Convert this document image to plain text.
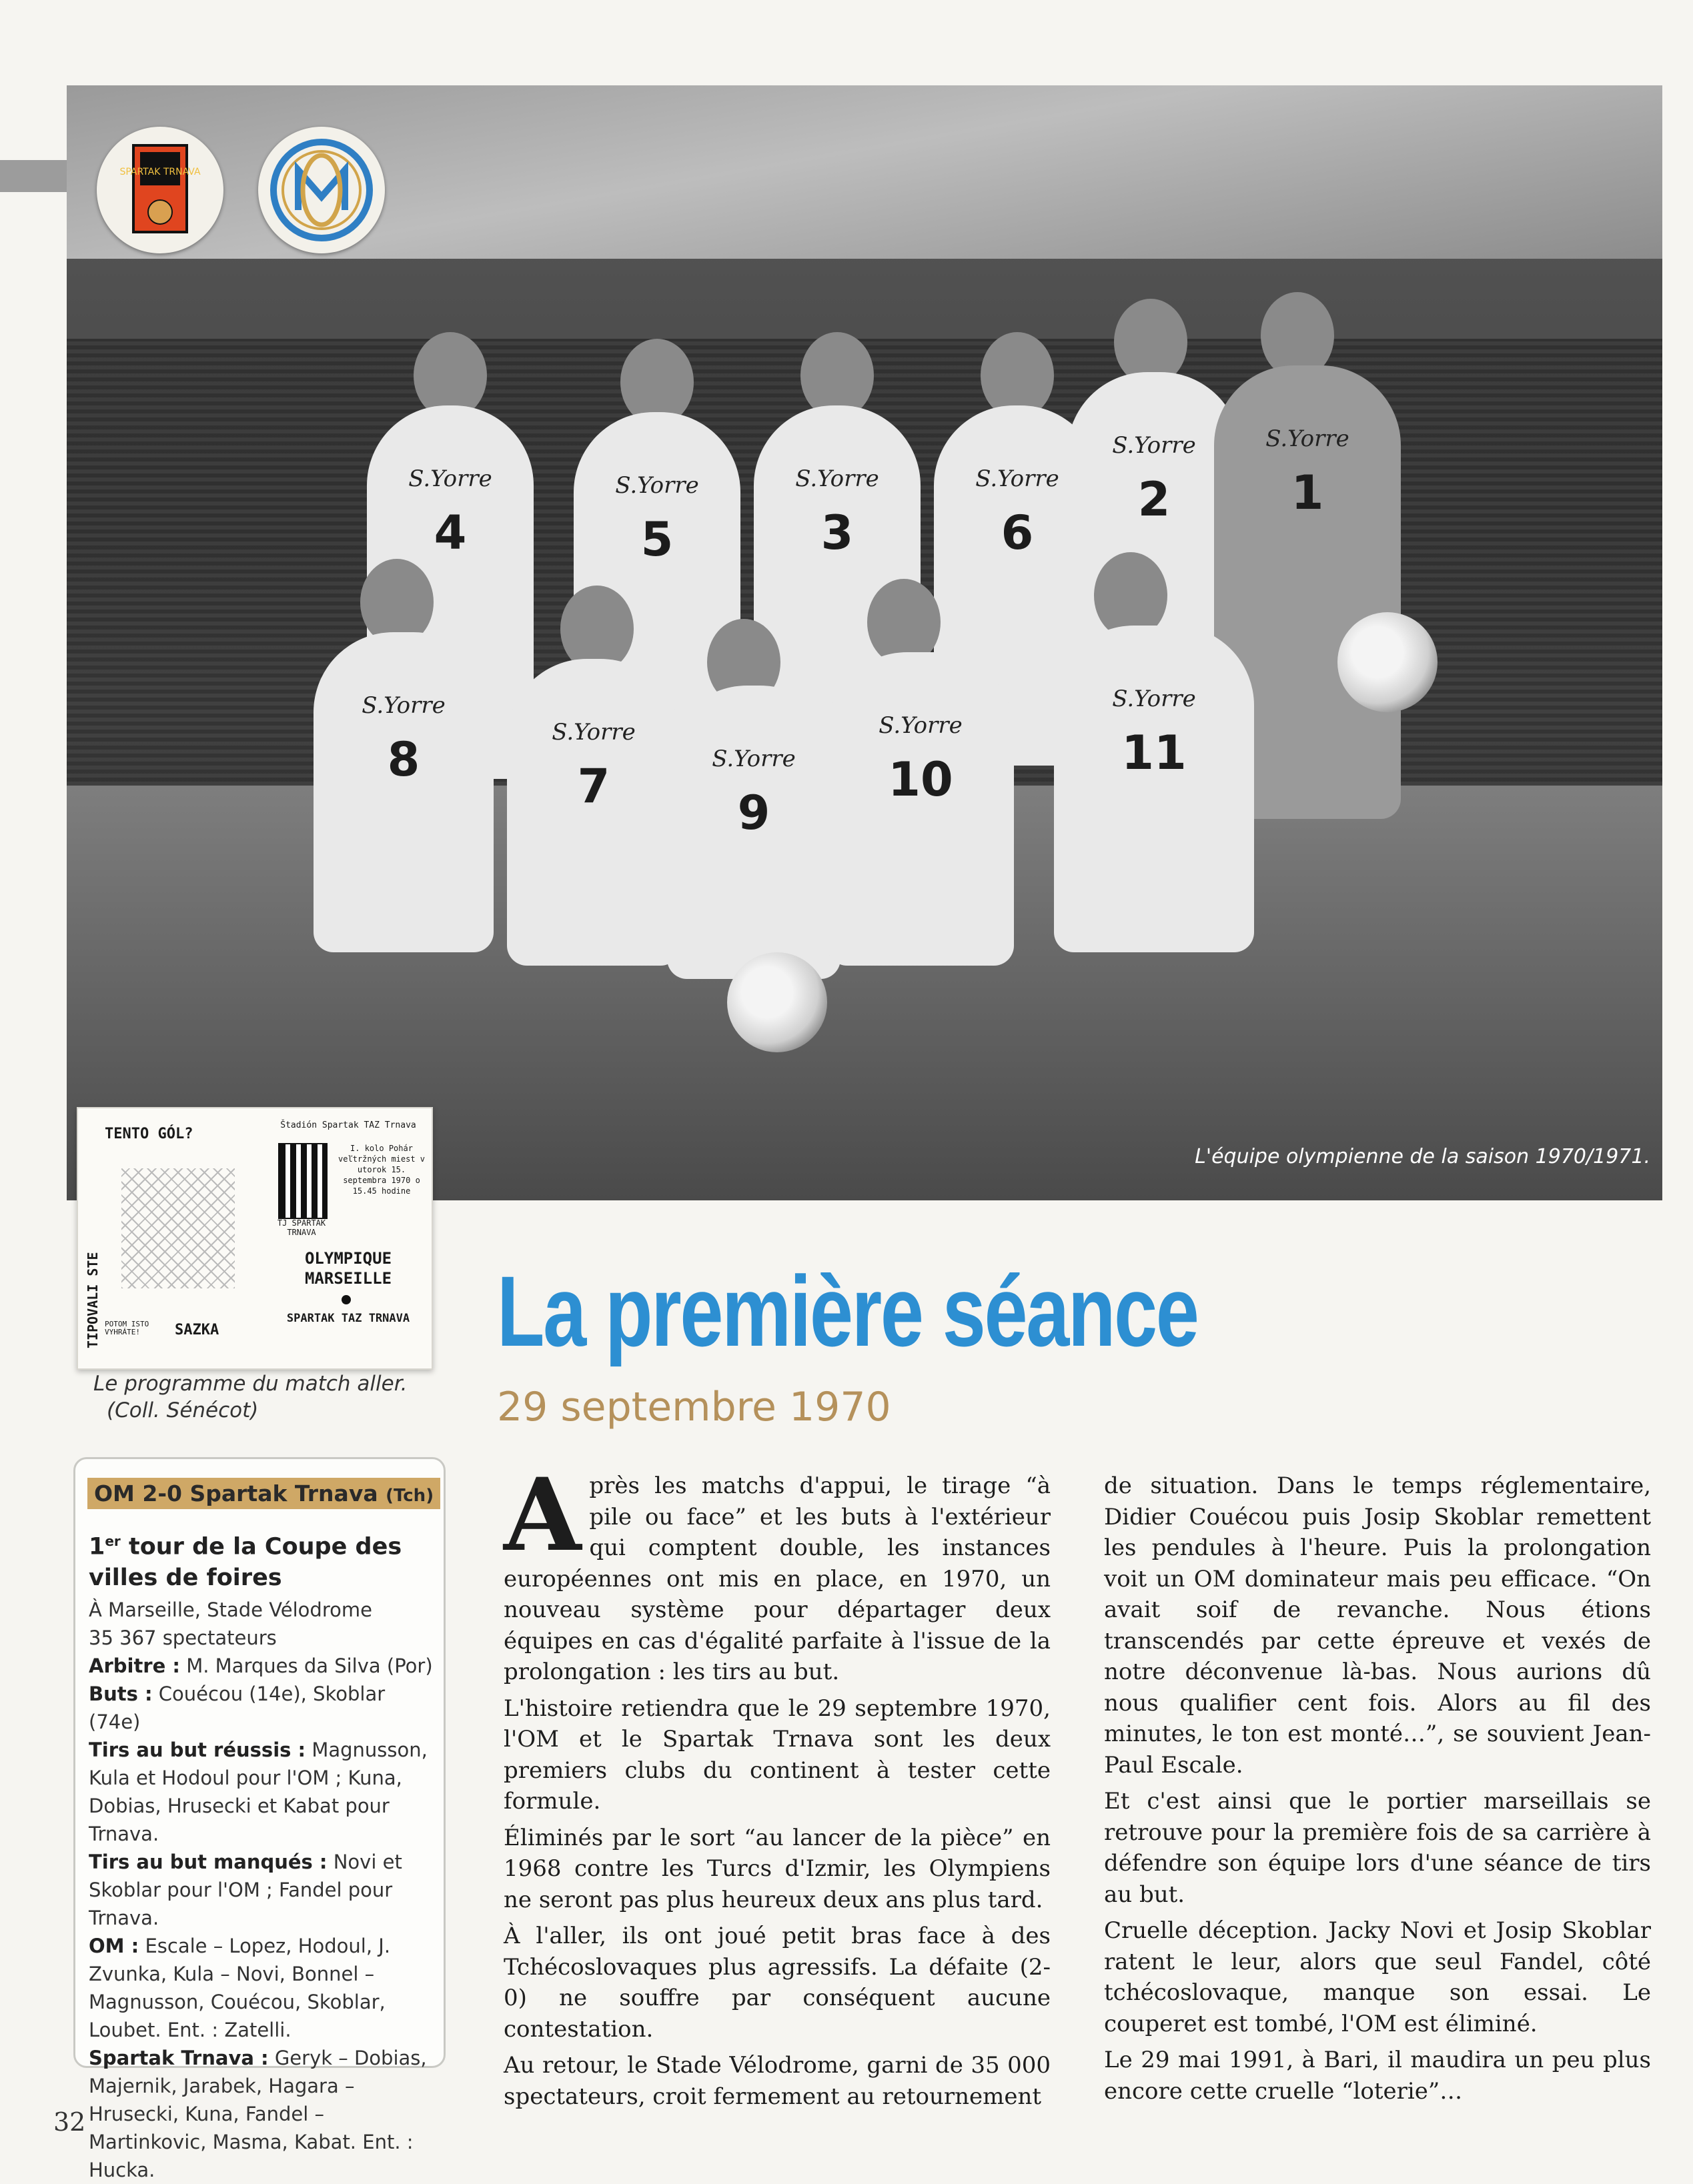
S.Yorre
4
S.Yorre
5
S.Yorre
3
S.Yorre
6
S.Yorre
2
S.Yorre
1
S.Yorre
8	S.Yorre
7	S.Yorre
9
S.Yorre
10
S.Yorre
11
L'équipe olympienne de la saison 1970/1971.
SPARTAK TRNAVA
TENTO GÓL?
TIPOVALI STE POTOM ISTO VYHRÁTE!	SAZKA
Štadión Spartak TAZ Trnava
I. kolo Pohár veľtržných miest v utorok 15. septembra 1970 o 15.45 hodine
TJ SPARTAK TRNAVA
OLYMPIQUE MARSEILLE
SPARTAK TAZ TRNAVA
Le programme du match aller.
(Coll. Sénécot)
La première séance
29 septembre 1970
OM 2-0 Spartak Trnava (Tch)
1er tour de la Coupe des villes de foires
À Marseille, Stade Vélodrome
35 367 spectateurs
Arbitre : M. Marques da Silva (Por)
Buts : Couécou (14e), Skoblar (74e)
Tirs au but réussis : Magnusson, Kula et Hodoul pour l'OM ; Kuna, Dobias, Hrusecki et Kabat pour Trnava.
Tirs au but manqués : Novi et Skoblar pour l'OM ; Fandel pour Trnava.
OM : Escale – Lopez, Hodoul, J. Zvunka, Kula – Novi, Bonnel – Magnusson, Couécou, Skoblar, Loubet. Ent. : Zatelli.
Spartak Trnava : Geryk – Dobias, Majernik, Jarabek, Hagara – Hrusecki, Kuna, Fandel – Martinkovic, Masma, Kabat. Ent. : Hucka.

Après les matchs d'appui, le tirage “à pile ou face” et les buts à l'extérieur qui comptent double, les instances européennes ont mis en place, en 1970, un nouveau système pour départager deux équipes en cas d'égalité parfaite à l'issue de la prolongation : les tirs au but.

L'histoire retiendra que le 29 septembre 1970, l'OM et le Spartak Trnava sont les deux premiers clubs du continent à tester cette formule.

Éliminés par le sort “au lancer de la pièce” en 1968 contre les Turcs d'Izmir, les Olympiens ne seront pas plus heureux deux ans plus tard.

À l'aller, ils ont joué petit bras face à des Tchécoslovaques plus agressifs. La défaite (2-0) ne souffre par conséquent aucune contestation.

Au retour, le Stade Vélodrome, garni de 35 000 spectateurs, croit fermement au retournement

de situation. Dans le temps réglementaire, Didier Couécou puis Josip Skoblar remettent les pendules à l'heure. Puis la prolongation voit un OM dominateur mais peu efficace. “On avait soif de revanche. Nous étions transcendés par cette épreuve et vexés de notre déconvenue là-bas. Nous aurions dû nous qualifier cent fois. Alors au fil des minutes, le ton est monté…”, se souvient Jean-Paul Escale.

Et c'est ainsi que le portier marseillais se retrouve pour la première fois de sa carrière à défendre son équipe lors d'une séance de tirs au but.

Cruelle déception. Jacky Novi et Josip Skoblar ratent le leur, alors que seul Fandel, côté tchécoslovaque, manque son essai. Le couperet est tombé, l'OM est éliminé.

Le 29 mai 1991, à Bari, il maudira un peu plus encore cette cruelle “loterie”…

32
